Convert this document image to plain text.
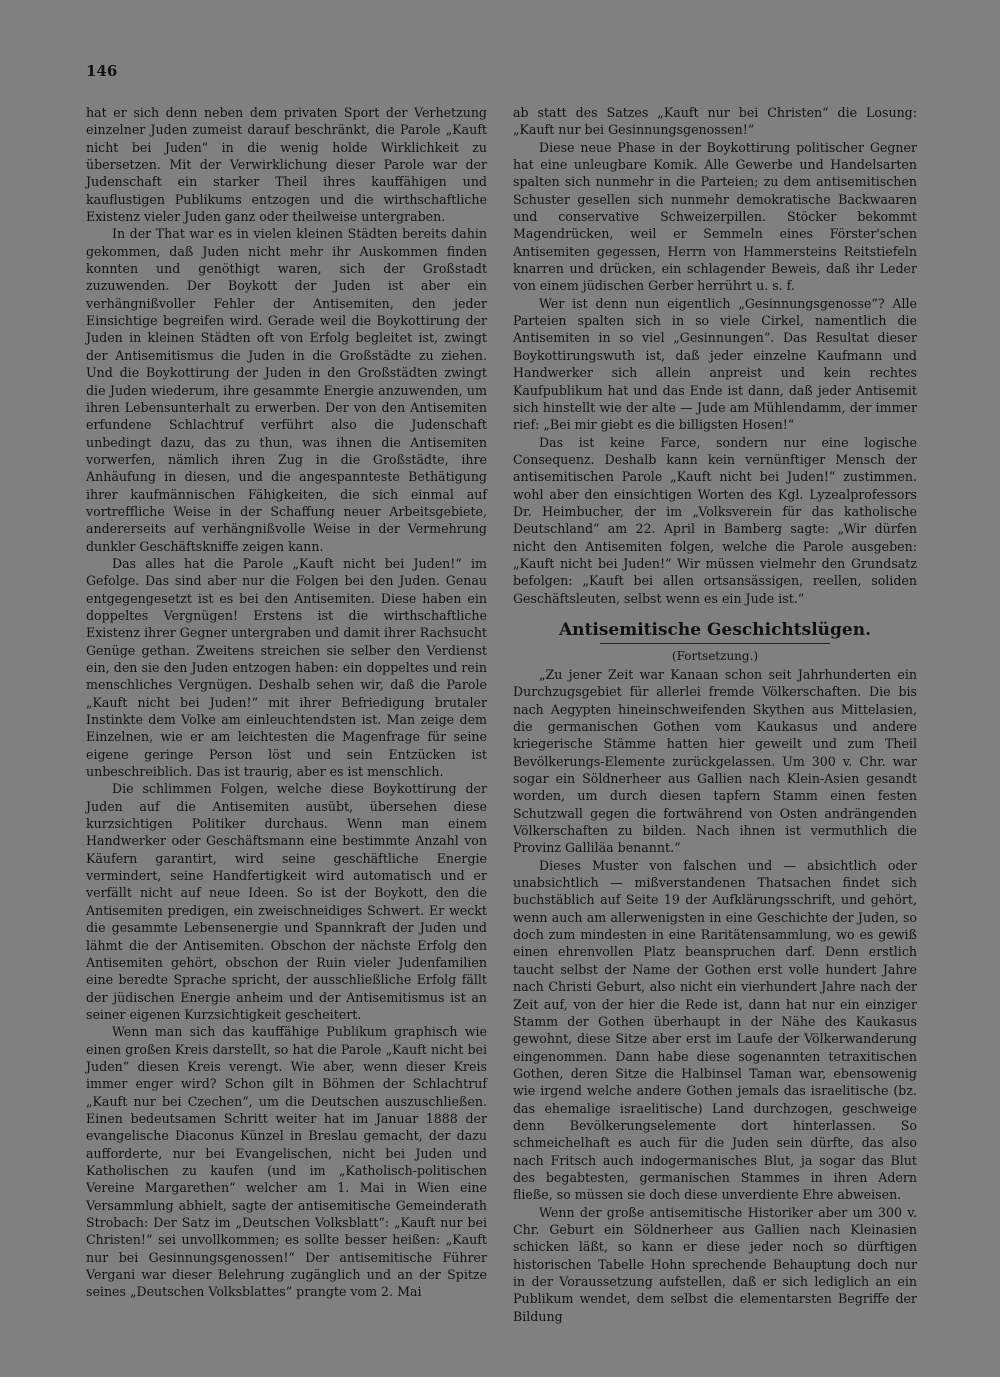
146

hat er sich denn neben dem privaten Sport der Verhetzung einzelner Juden zumeist darauf beschränkt, die Parole „Kauft nicht bei Juden“ in die wenig holde Wirklichkeit zu übersetzen. Mit der Verwirklichung dieser Parole war der Judenschaft ein starker Theil ihres kauffähigen und kauflustigen Publikums entzogen und die wirthschaftliche Existenz vieler Juden ganz oder theilweise untergraben.

In der That war es in vielen kleinen Städten bereits dahin gekommen, daß Juden nicht mehr ihr Auskommen finden konnten und genöthigt waren, sich der Großstadt zuzuwenden. Der Boykott der Juden ist aber ein verhängnißvoller Fehler der Antisemiten, den jeder Einsichtige begreifen wird. Gerade weil die Boykottirung der Juden in kleinen Städten oft von Erfolg begleitet ist, zwingt der Antisemitismus die Juden in die Großstädte zu ziehen. Und die Boykottirung der Juden in den Großstädten zwingt die Juden wiederum, ihre gesammte Energie anzuwenden, um ihren Lebensunterhalt zu erwerben. Der von den Antisemiten erfundene Schlachtruf verführt also die Judenschaft unbedingt dazu, das zu thun, was ihnen die Antisemiten vorwerfen, nämlich ihren Zug in die Großstädte, ihre Anhäufung in diesen, und die angespannteste Bethätigung ihrer kaufmännischen Fähigkeiten, die sich einmal auf vortreffliche Weise in der Schaffung neuer Arbeitsgebiete, andererseits auf verhängnißvolle Weise in der Vermehrung dunkler Geschäftskniffe zeigen kann.

Das alles hat die Parole „Kauft nicht bei Juden!“ im Gefolge. Das sind aber nur die Folgen bei den Juden. Genau entgegengesetzt ist es bei den Antisemiten. Diese haben ein doppeltes Vergnügen! Erstens ist die wirthschaftliche Existenz ihrer Gegner untergraben und damit ihrer Rachsucht Genüge gethan. Zweitens streichen sie selber den Verdienst ein, den sie den Juden entzogen haben: ein doppeltes und rein menschliches Vergnügen. Deshalb sehen wir, daß die Parole „Kauft nicht bei Juden!“ mit ihrer Befriedigung brutaler Instinkte dem Volke am einleuchtendsten ist. Man zeige dem Einzelnen, wie er am leichtesten die Magenfrage für seine eigene geringe Person löst und sein Entzücken ist unbeschreiblich. Das ist traurig, aber es ist menschlich.

Die schlimmen Folgen, welche diese Boykottirung der Juden auf die Antisemiten ausübt, übersehen diese kurzsichtigen Politiker durchaus. Wenn man einem Handwerker oder Geschäftsmann eine bestimmte Anzahl von Käufern garantirt, wird seine geschäftliche Energie vermindert, seine Handfertigkeit wird automatisch und er verfällt nicht auf neue Ideen. So ist der Boykott, den die Antisemiten predigen, ein zweischneidiges Schwert. Er weckt die gesammte Lebensenergie und Spannkraft der Juden und lähmt die der Antisemiten. Obschon der nächste Erfolg den Antisemiten gehört, obschon der Ruin vieler Judenfamilien eine beredte Sprache spricht, der ausschließliche Erfolg fällt der jüdischen Energie anheim und der Antisemitismus ist an seiner eigenen Kurzsichtigkeit gescheitert.

Wenn man sich das kauffähige Publikum graphisch wie einen großen Kreis darstellt, so hat die Parole „Kauft nicht bei Juden“ diesen Kreis verengt. Wie aber, wenn dieser Kreis immer enger wird? Schon gilt in Böhmen der Schlachtruf „Kauft nur bei Czechen“, um die Deutschen auszuschließen. Einen bedeutsamen Schritt weiter hat im Januar 1888 der evangelische Diaconus Künzel in Breslau gemacht, der dazu aufforderte, nur bei Evangelischen, nicht bei Juden und Katholischen zu kaufen (und im „Katholisch-politischen Vereine Margarethen“ welcher am 1. Mai in Wien eine Versammlung abhielt, sagte der antisemitische Gemeinderath Strobach: Der Satz im „Deutschen Volksblatt“: „Kauft nur bei Christen!“ sei unvollkommen; es sollte besser heißen: „Kauft nur bei Gesinnungsgenossen!“ Der antisemitische Führer Vergani war dieser Belehrung zugänglich und an der Spitze seines „Deutschen Volksblattes“ prangte vom 2. Mai

ab statt des Satzes „Kauft nur bei Christen“ die Losung: „Kauft nur bei Gesinnungsgenossen!“

Diese neue Phase in der Boykottirung politischer Gegner hat eine unleugbare Komik. Alle Gewerbe und Handelsarten spalten sich nunmehr in die Parteien; zu dem antisemitischen Schuster gesellen sich nunmehr demokratische Backwaaren und conservative Schweizerpillen. Stöcker bekommt Magendrücken, weil er Semmeln eines Förster'schen Antisemiten gegessen, Herrn von Hammersteins Reitstiefeln knarren und drücken, ein schlagender Beweis, daß ihr Leder von einem jüdischen Gerber herrührt u. s. f.

Wer ist denn nun eigentlich „Gesinnungsgenosse“? Alle Parteien spalten sich in so viele Cirkel, namentlich die Antisemiten in so viel „Gesinnungen“. Das Resultat dieser Boykottirungswuth ist, daß jeder einzelne Kaufmann und Handwerker sich allein anpreist und kein rechtes Kaufpublikum hat und das Ende ist dann, daß jeder Antisemit sich hinstellt wie der alte — Jude am Mühlendamm, der immer rief: „Bei mir giebt es die billigsten Hosen!“

Das ist keine Farce, sondern nur eine logische Consequenz. Deshalb kann kein vernünftiger Mensch der antisemitischen Parole „Kauft nicht bei Juden!“ zustimmen. wohl aber den einsichtigen Worten des Kgl. Lyzealprofessors Dr. Heimbucher, der im „Volksverein für das katholische Deutschland“ am 22. April in Bamberg sagte: „Wir dürfen nicht den Antisemiten folgen, welche die Parole ausgeben: „Kauft nicht bei Juden!“ Wir müssen vielmehr den Grundsatz befolgen: „Kauft bei allen ortsansässigen, reellen, soliden Geschäftsleuten, selbst wenn es ein Jude ist.“

Antisemitische Geschichtslügen.
(Fortsetzung.)

„Zu jener Zeit war Kanaan schon seit Jahrhunderten ein Durchzugsgebiet für allerlei fremde Völkerschaften. Die bis nach Aegypten hineinschweifenden Skythen aus Mittelasien, die germanischen Gothen vom Kaukasus und andere kriegerische Stämme hatten hier geweilt und zum Theil Bevölkerungs-Elemente zurückgelassen. Um 300 v. Chr. war sogar ein Söldnerheer aus Gallien nach Klein-Asien gesandt worden, um durch diesen tapfern Stamm einen festen Schutzwall gegen die fortwährend von Osten andrängenden Völkerschaften zu bilden. Nach ihnen ist vermuthlich die Provinz Galliläa benannt.“

Dieses Muster von falschen und — absichtlich oder unabsichtlich — mißverstandenen Thatsachen findet sich buchstäblich auf Seite 19 der Aufklärungsschrift, und gehört, wenn auch am allerwenigsten in eine Geschichte der Juden, so doch zum mindesten in eine Raritätensammlung, wo es gewiß einen ehrenvollen Platz beanspruchen darf. Denn erstlich taucht selbst der Name der Gothen erst volle hundert Jahre nach Christi Geburt, also nicht ein vierhundert Jahre nach der Zeit auf, von der hier die Rede ist, dann hat nur ein einziger Stamm der Gothen überhaupt in der Nähe des Kaukasus gewohnt, diese Sitze aber erst im Laufe der Völkerwanderung eingenommen. Dann habe diese sogenannten tetraxitischen Gothen, deren Sitze die Halbinsel Taman war, ebensowenig wie irgend welche andere Gothen jemals das israelitische (bz. das ehemalige israelitische) Land durchzogen, geschweige denn Bevölkerungselemente dort hinterlassen. So schmeichelhaft es auch für die Juden sein dürfte, das also nach Fritsch auch indogermanisches Blut, ja sogar das Blut des begabtesten, germanischen Stammes in ihren Adern fließe, so müssen sie doch diese unverdiente Ehre abweisen.

Wenn der große antisemitische Historiker aber um 300 v. Chr. Geburt ein Söldnerheer aus Gallien nach Kleinasien schicken läßt, so kann er diese jeder noch so dürftigen historischen Tabelle Hohn sprechende Behauptung doch nur in der Voraussetzung aufstellen, daß er sich lediglich an ein Publikum wendet, dem selbst die elementarsten Begriffe der Bildung
